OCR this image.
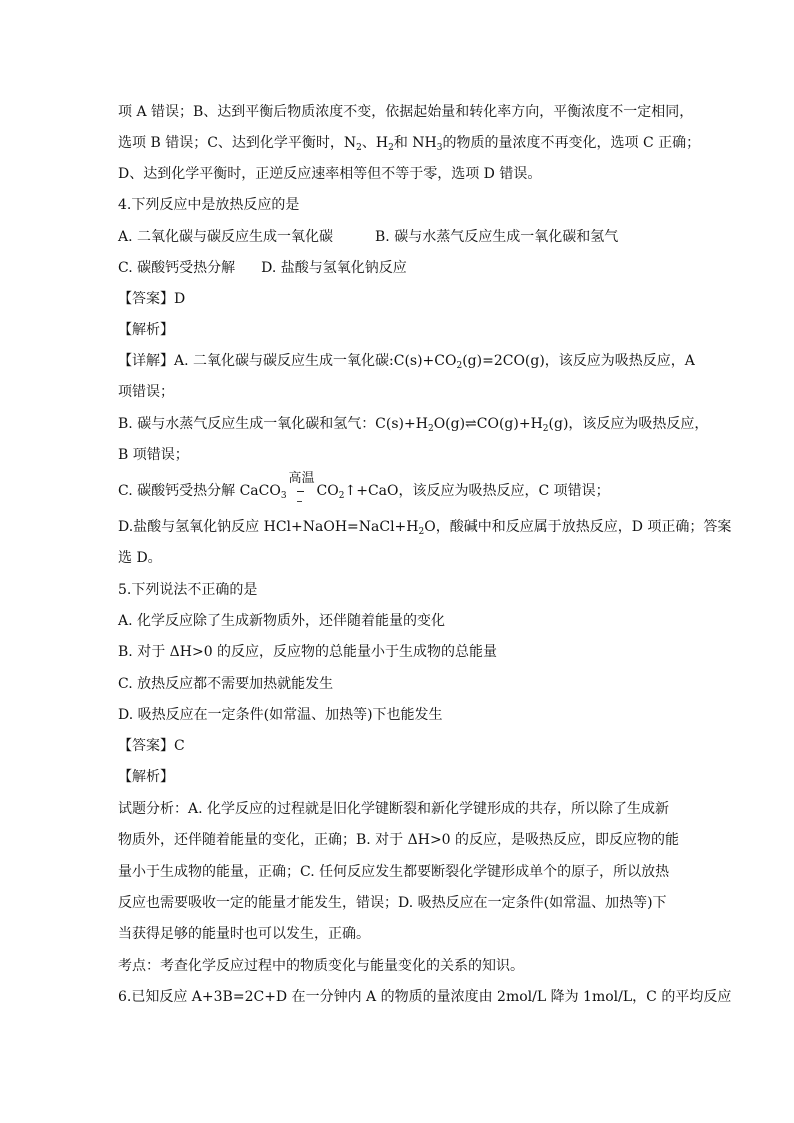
项 A 错误；B、达到平衡后物质浓度不变，依据起始量和转化率方向，平衡浓度不一定相同，
选项 B 错误；C、达到化学平衡时，$N_2$、$H_2$和 $NH_3$的物质的量浓度不再变化，选项 C 正确；
D、达到化学平衡时，正逆反应速率相等但不等于零，选项 D 错误。
4.下列反应中是放热反应的是
A. 二氧化碳与碳反应生成一氧化碳	B. 碳与水蒸气反应生成一氧化碳和氢气
C. 碳酸钙受热分解 D. 盐酸与氢氧化钠反应
【答案】D
【解析】
【详解】A. 二氧化碳与碳反应生成一氧化碳$:C(s)+CO_2(g)=2CO(g)$，该反应为吸热反应，A
项错误；
B. 碳与水蒸气反应生成一氧化碳和氢气：$C(s)+H_2O(g)\rightleftharpoons CO(g)+H_2(g)$，该反应为吸热反应，
B 项错误；
C. 碳酸钙受热分解 CaCO$_3$
高温
$CO_2↑+CaO$，该反应为吸热反应，C 项错误；
D.盐酸与氢氧化钠反应 $HCl+NaOH=NaCl+H_2O$，酸碱中和反应属于放热反应，D 项正确；答案
选 D。
5.下列说法不正确的是
A. 化学反应除了生成新物质外，还伴随着能量的变化
B. 对于 ΔH>0 的反应，反应物的总能量小于生成物的总能量
C. 放热反应都不需要加热就能发生
D. 吸热反应在一定条件(如常温、加热等)下也能发生
【答案】C
【解析】
试题分析：A. 化学反应的过程就是旧化学键断裂和新化学键形成的共存，所以除了生成新
物质外，还伴随着能量的变化，正确；B. 对于 ΔH>0 的反应，是吸热反应，即反应物的能
量小于生成物的能量，正确；C. 任何反应发生都要断裂化学键形成单个的原子，所以放热
反应也需要吸收一定的能量才能发生，错误；D. 吸热反应在一定条件(如常温、加热等)下
当获得足够的能量时也可以发生，正确。
考点：考查化学反应过程中的物质变化与能量变化的关系的知识。
6.已知反应 A+3B=2C+D 在一分钟内 A 的物质的量浓度由 2mol/L 降为 1mol/L，C 的平均反应
